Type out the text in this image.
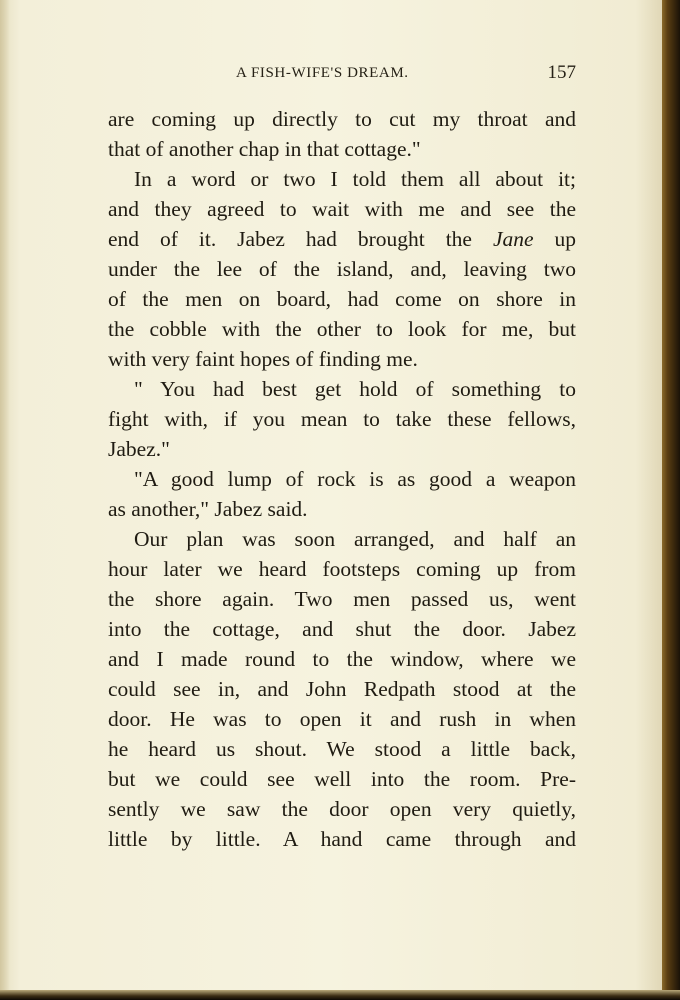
A FISH-WIFE'S DREAM.	157
are coming up directly to cut my throat and
that of another chap in that cottage."
In a word or two I told them all about it;
and they agreed to wait with me and see the
end of it. Jabez had brought the Jane up
under the lee of the island, and, leaving two
of the men on board, had come on shore in
the cobble with the other to look for me, but
with very faint hopes of finding me.
" You had best get hold of something to
fight with, if you mean to take these fellows,
Jabez."
"A good lump of rock is as good a weapon
as another," Jabez said.
Our plan was soon arranged, and half an
hour later we heard footsteps coming up from
the shore again. Two men passed us, went
into the cottage, and shut the door. Jabez
and I made round to the window, where we
could see in, and John Redpath stood at the
door. He was to open it and rush in when
he heard us shout. We stood a little back,
but we could see well into the room. Pre-
sently we saw the door open very quietly,
little by little. A hand came through and
